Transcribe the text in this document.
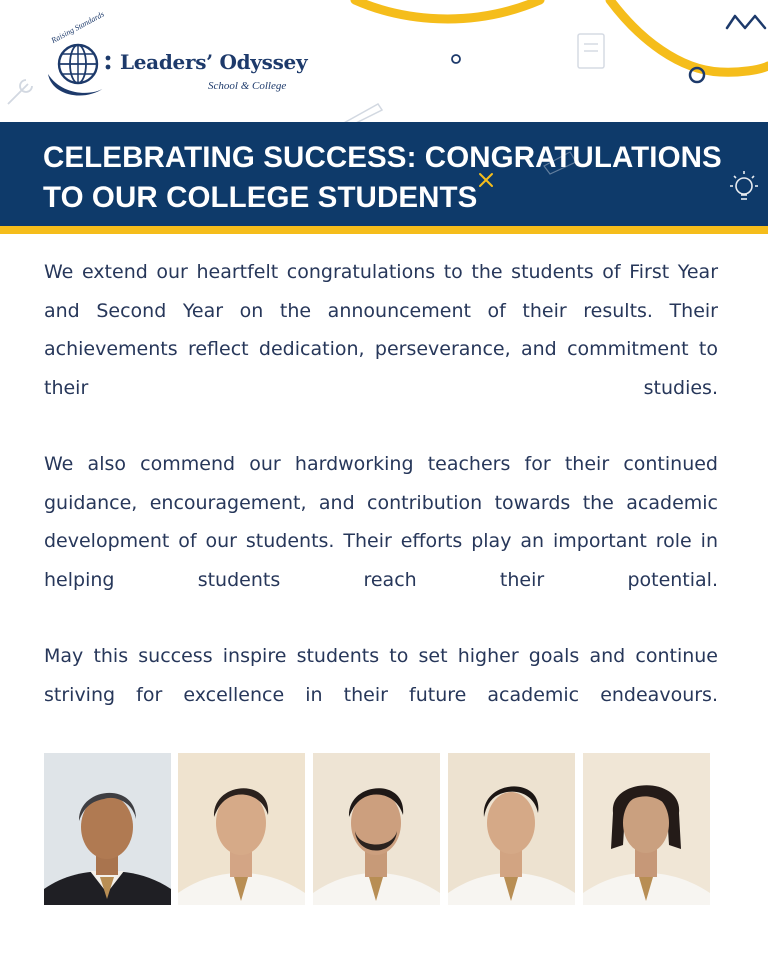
Raising Standards
Leaders’ Odyssey
School & College
CELEBRATING SUCCESS: CONGRATULATIONS
TO OUR COLLEGE STUDENTS

We extend our heartfelt congratulations to the students of First Year and Second Year on the announcement of their results. Their achievements reflect dedication, perseverance, and commitment to their studies.

We also commend our hardworking teachers for their continued guidance, encouragement, and contribution towards the academic development of our students. Their efforts play an important role in helping students reach their potential.

May this success inspire students to set higher goals and continue striving for excellence in their future academic endeavours.
